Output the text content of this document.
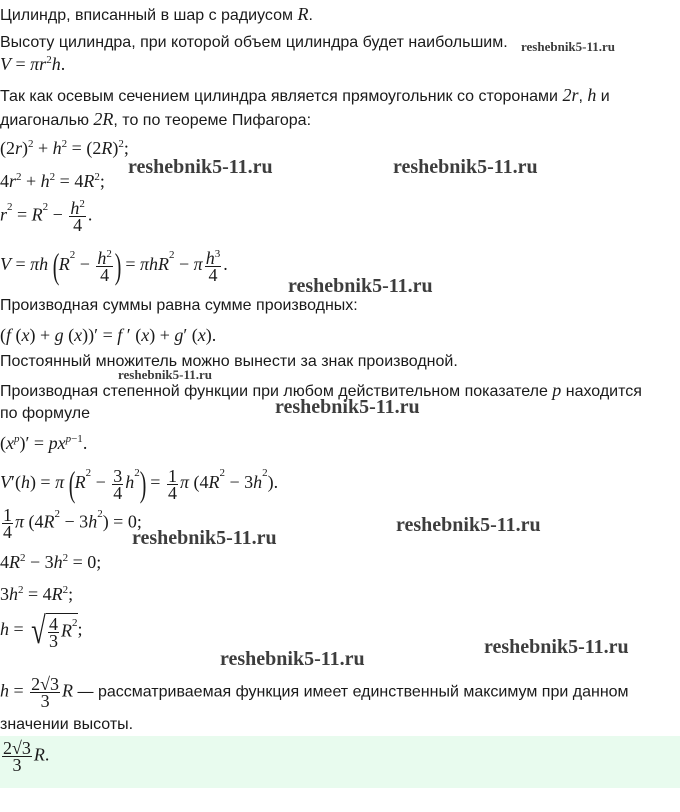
Цилиндр, вписанный в шар с радиусом R.
Высоту цилиндра, при которой объем цилиндра будет наибольшим. reshebnik5-11.ru
$V = \pi r^2h$.
Так как осевым сечением цилиндра является прямоугольник со сторонами 2r, h и
диагональю 2R, то по теореме Пифагора:
$(2r)^2 + h^2 = (2R)^2$;
reshebnik5-11.ru	reshebnik5-11.ru
$4r^2 + h^2 = 4R^2$;
$r^2 = R^2 - \frac{h^2}{4}$ .
V = πh ($R^2 - \frac{h^2}{4}$ ) = πhR$^2$ − π $\frac{h^3}{4}$ .
reshebnik5-11.ru
Производная суммы равна сумме производных:
(f (x) + g (x))′ = f ′ (x) + g′ (x).
Постоянный множитель можно вынести за знак производной.
reshebnik5-11.ru
Производная степенной функции при любом действительном показателе p находится
по формуле	reshebnik5-11.ru
$(x^p)' = px^{p-1}$.
V′(h) = π $(R^2 - \frac{3}{4} h^2) = \frac{1}{4}$ π $(4R^2 - 3h^2)$.
$\frac{1}{4}$ π $(4R^2 - 3h^2) = 0$;	reshebnik5-11.ru
reshebnik5-11.ru
$4R^2 - 3h^2 = 0$;
$3h^2 = 4R^2$;
h = √ $\frac{4}{3} R^2$;
reshebnik5-11.ru
reshebnik5-11.ru
$h = \frac{2√3}{3}$ R — рассматриваемая функция имеет единственный максимум при данном
значении высоты.
$\frac{2√3}{3} R$.
